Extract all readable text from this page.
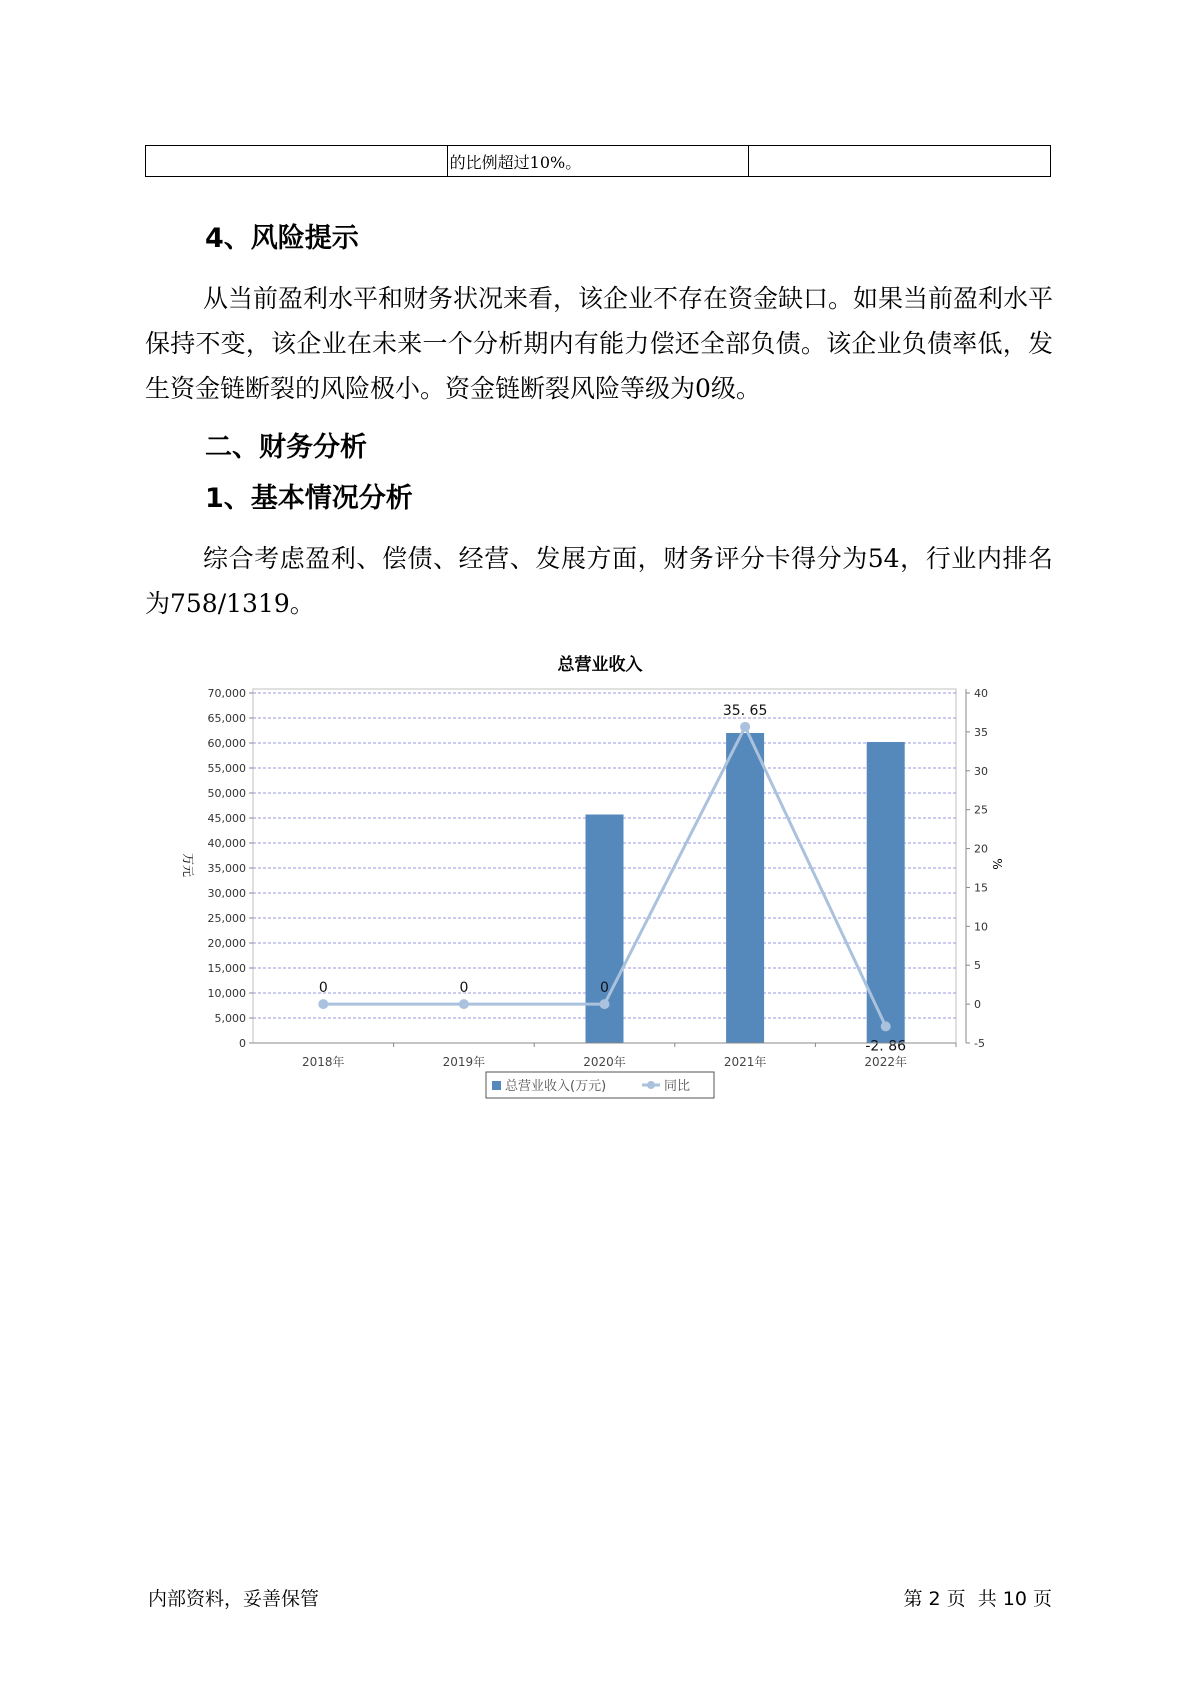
	的比例超过10%。	
4、风险提示

从当前盈利水平和财务状况来看，该企业不存在资金缺口。如果当前盈利水平保持不变，该企业在未来一个分析期内有能力偿还全部负债。该企业负债率低，发生资金链断裂的风险极小。资金链断裂风险等级为0级。

二、财务分析
1、基本情况分析

综合考虑盈利、偿债、经营、发展方面，财务评分卡得分为54，行业内排名为758/1319。

总营业收入
0	0	0
35. 65
-2. 86
0
5,000
10,000
15,000
20,000
25,000
30,000
35,000
40,000
45,000
50,000
55,000
60,000
65,000
70,000
-5
0
5
10
15
20
25
30
35
40
2018年	2019年	2020年	2021年	2022年
万元	%
总营业收入(万元)	同比
内部资料，妥善保管	第 2 页  共 10 页
